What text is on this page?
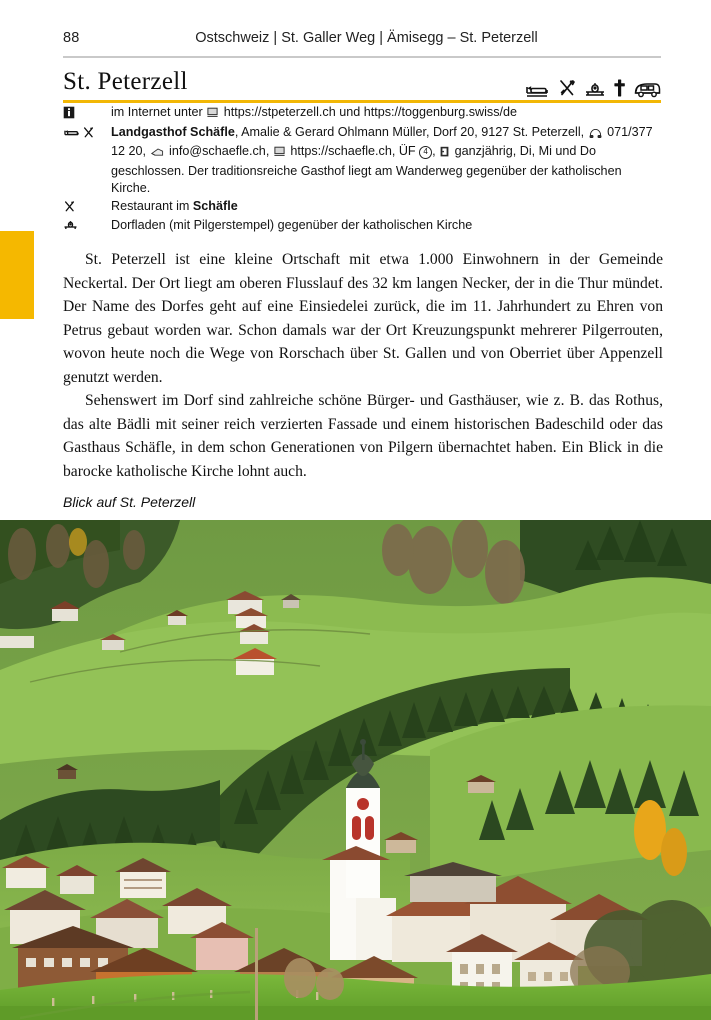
88	Ostschweiz | St. Galler Weg | Ämisegg – St. Peterzell
St. Peterzell
im Internet unter https://stpeterzell.ch und https://toggenburg.swiss/de
Landgasthof Schäfle, Amalie & Gerard Ohlmann Müller, Dorf 20, 9127 St. Peterzell, 071/377 12 20,  info@schaefle.ch,  https://schaefle.ch, ÜF 4 ,  ganzjährig, Di, Mi und Do geschlossen. Der traditionsreiche Gasthof liegt am Wanderweg gegenüber der katholischen Kirche.
Restaurant im Schäfle
Dorfladen (mit Pilgerstempel) gegenüber der katholischen Kirche

St. Peterzell ist eine kleine Ortschaft mit etwa 1.000 Einwohnern in der Gemeinde Neckertal. Der Ort liegt am oberen Flusslauf des 32 km langen Necker, der in die Thur mündet. Der Name des Dorfes geht auf eine Einsiedelei zurück, die im 11. Jahrhundert zu Ehren von Petrus gebaut worden war. Schon damals war der Ort Kreuzungspunkt mehrerer Pilgerrouten, wovon heute noch die Wege von Rorschach über St. Gallen und von Oberriet über Appenzell genutzt werden.

Sehenswert im Dorf sind zahlreiche schöne Bürger- und Gasthäuser, wie z. B. das Rothus, das alte Bädli mit seiner reich verzierten Fassade und einem historischen Badeschild oder das Gasthaus Schäfle, in dem schon Generationen von Pilgern übernachtet haben. Ein Blick in die barocke katholische Kirche lohnt auch.

Blick auf St. Peterzell
